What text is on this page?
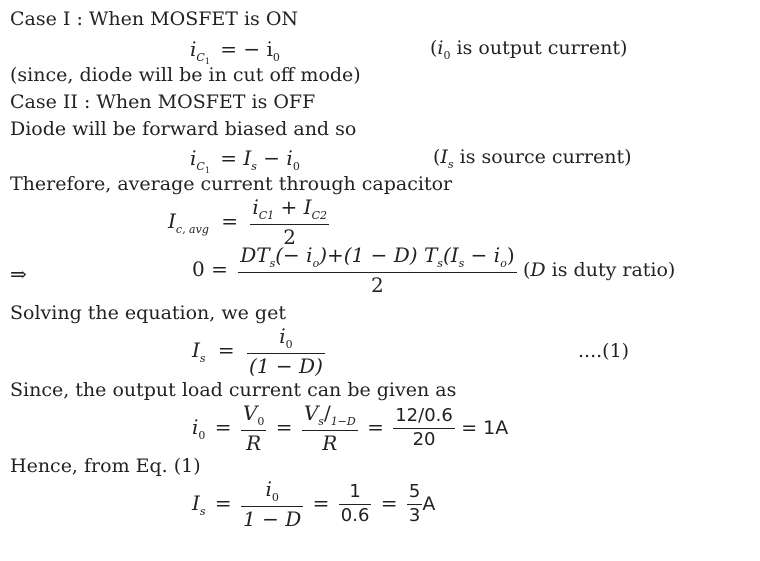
Case I : When MOSFET is ON
$i_{C_1}$ = − $i_0$	($i_0$ is output current)
(since, diode will be in cut off mode)
Case II : When MOSFET is OFF
Diode will be forward biased and so
$i_{C_1} = I_s - i_0$	($I_s$ is source current)
Therefore, average current through capacitor
$I_{c, avg} = \frac{i_{C1} + I_{C2}}{2}$
⇒	$0 = \frac{DT_s(- i_o)+(1 - D) T_s(I_s - i_o)}{2} (D$ is duty ratio)
Solving the equation, we get
$I_s = \frac{i_0}{(1 - D)}$	....(1)
Since, the output load current can be given as
$i_0 = \frac{V_0}{R} = \frac{V_s/_{1-D}}{R} = \frac{12/0.6}{20} = 1A$
Hence, from Eq. (1)
$I_s = \frac{i_0}{1 - D} = \frac{1}{0.6} = \frac{5}{3}$ A
